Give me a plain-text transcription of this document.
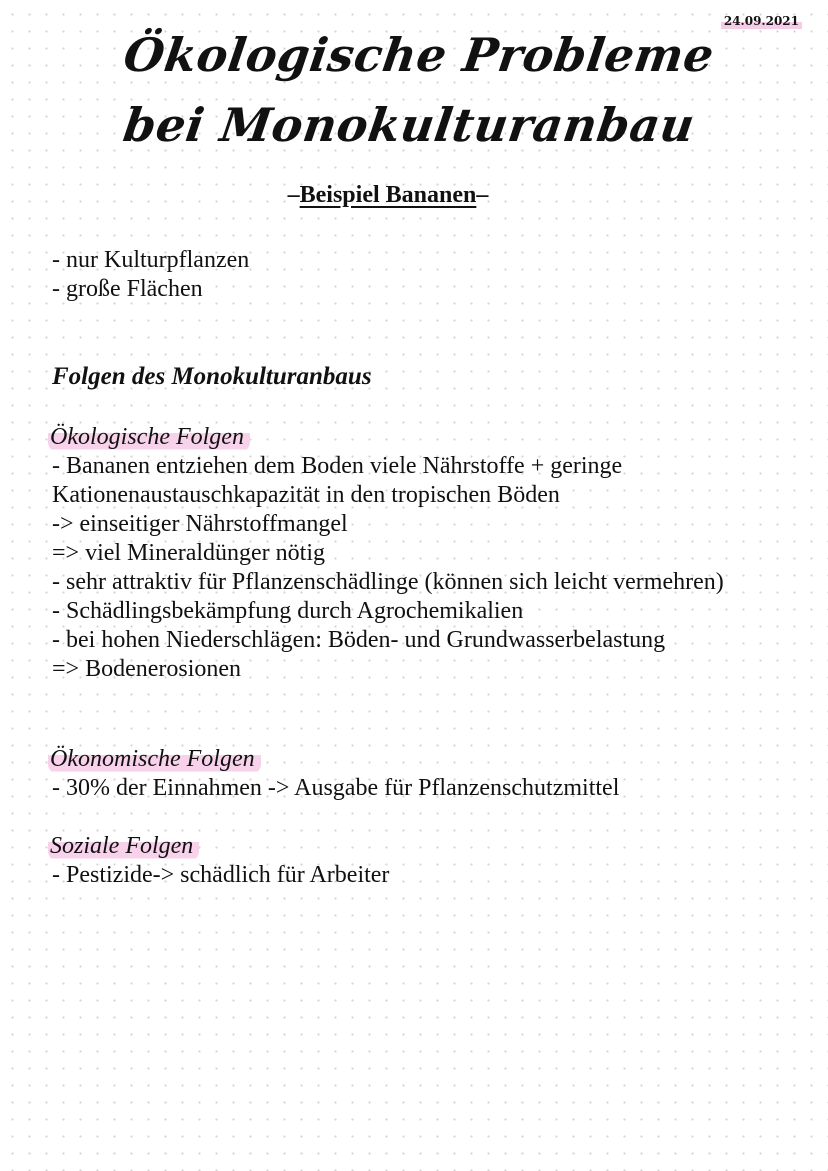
24.09.2021
Ökologische Probleme
bei Monokulturanbau
–Beispiel Bananen–
- nur Kulturpflanzen
- große Flächen
Folgen des Monokulturanbaus
Ökologische Folgen
- Bananen entziehen dem Boden viele Nährstoffe + geringe
Kationenaustauschkapazität in den tropischen Böden
-> einseitiger Nährstoffmangel
=> viel Mineraldünger nötig
- sehr attraktiv für Pflanzenschädlinge (können sich leicht vermehren)
- Schädlingsbekämpfung durch Agrochemikalien
- bei hohen Niederschlägen: Böden- und Grundwasserbelastung
=> Bodenerosionen
Ökonomische Folgen
- 30% der Einnahmen -> Ausgabe für Pflanzenschutzmittel
Soziale Folgen
- Pestizide-> schädlich für Arbeiter
